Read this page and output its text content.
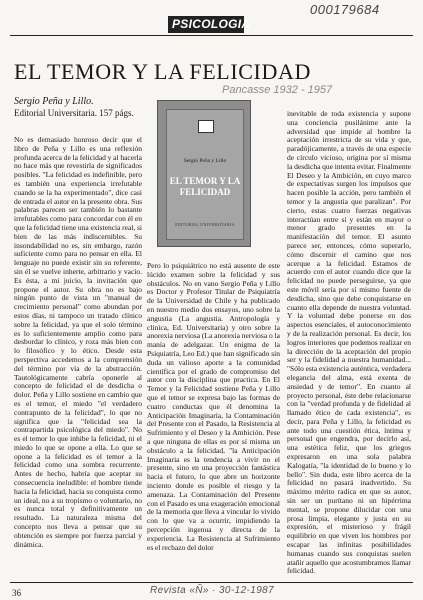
000179684
PSICOLOGIA
EL TEMOR Y LA FELICIDAD
Pancasse 1932 - 1957
Sergio Peña y Lillo.
Editorial Universitaria. 157 págs.
Sergio Peña y Lillo
EL TEMOR Y LA FELICIDAD
EDITORIAL UNIVERSITARIA

No es demasiado honroso decir que el libro de Peña y Lillo es una reflexión profunda acerca de la felicidad y al hacerla no hace más que revestirla de significados posibles. "La felicidad es indefinible, pero es también una experiencia irrefutable cuando se la ha experimentado", dice casi de entrada el autor en la presente obra. Sus palabras parecen ser también lo bastante irrefutables como para concordar con él en que la felicidad tiene una existencia real, si bien de las más indiscernibles. Su insondabilidad no es, sin embargo, razón suficiente como para no pensar en ella. El lenguaje no puede existir sin su referente, sin él se vuelve inherte, arbitrario y vacío. Es ésta, a mi juicio, la invitación que propone el autor. Su obra no es bajo ningún punto de vista un "manual de crecimiento personal" como abundan por estos días, ni tampoco un tratado clínico sobre la felicidad, ya que el solo término es lo suficientemente amplio como para desbordar lo clínico, y roza más bien con lo filosófico y lo ético. Desde esta perspectiva accedemos a la comprensión del término por vía de la abstracción. Tautológicamente cabría oponerle al concepto de felicidad el de desdicha o dolor. Peña y Lillo sostiene en cambio que es el temor, el miedo "el verdadero contrapunto de la felicidad", lo que no significa que la "felicidad sea la contrapartida psicológica del miedo". No es el temor lo que inhibe la felicidad, ni el miedo lo que se opone a ella. Lo que se opone a la felicidad es el temor a la felicidad como una sombra recurrente. Antes de hecho, habría que aceptar su consecuencia ineludible: el hombre tiende hacia la felicidad, hacia su conquista como un ideal, no a su tropismo o voluntario, no es nunca total y definitivamente un resultado. La naturaleza misma del concepto nos lleva a pensar que su obtención es siempre por fuerza parcial y dinámica.

Pero lo psiquiátrico no está ausente de este lúcido examen sobre la felicidad y sus obstáculos. No en vano Sergio Peña y Lillo es Doctor y Profesor Titular de Psiquiatría de la Universidad de Chile y ha publicado en nuestro medio dos ensayos, uno sobre la angustia (La angustia. Antropología y clínica, Ed. Universitaria) y otro sobre la anorexia nerviosa (La anorexia nerviosa o la manía de adelgazar. Un enigma de la Psiquiatría, Leo Ed.) que han significado sin duda un valioso aporte a la comunidad científica por el grado de compromiso del autor con la disciplina que practica. En El Temor y la Felicidad sostiene Peña y Lillo que el temor se expresa bajo las formas de cuatro conductas que él denomina la Anticipación Imaginaria, la Contaminación del Presente con el Pasado, la Resistencia al Sufrimiento y el Deseo y la Ambición. Pese a que ninguna de ellas es por sí misma un obstáculo a la felicidad, "la Anticipación Imaginaria es la tendencia a vivir no el presente, sino en una proyección fantástica hacia el futuro, lo que abre un horizonte inciento donde es posible el riesgo y la amenaza. La Contaminación del Presente con el Pasado es una exageración emocional de la memoria que lleva a vincular lo vivido con lo que va a ocurrir, impidiendo la percepción ingenua y directa de la experiencia. La Resistencia al Sufrimiento es el rechazo del dolor

inevitable de toda existencia y supone una conciencia pusilánime ante la adversidad que impide al hombre la aceptación irrestricta de su vida y que, paradójicamente, a través de una especie de círculo vicioso, origina por sí misma la desdicha que intenta evitar. Finalmente El Deseo y la Ambición, en cuyo marco de expectativas surgen los impulsos que hacen posible la acción, pero también el temor y la angustia que paralizan". Por cierto, estas cuatro fuerzas negativas interactúan entre sí y están en mayor o menor grado presentes en la manifestación del temor. El asunto parece ser, entonces, cómo superarlo, cómo discernir el camino que nos acerque a la felicidad. Estamos de acuerdo con el autor cuando dice que la felicidad no puede perseguirse, ya que este móvil sería por sí mismo fuente de desdicha, sino que debe conquistarse en cuanto ella depende de nuestra voluntad. Y la voluntad debe ponerse en dos aspectos esenciales, el autoconocimiento y de la realización personal. Es decir, los logros interiores que podemos realizar en la dirección de la aceptación del propio ser y la fidelidad a nuestra humanidad... "Sólo esta existencia auténtica, verdadera elegancia del alma, está exenta de ansiedad y de temor". En cuanto al proyecto personal, éste debe relacionarse con la "verdad profunda y de fidelidad al llamado ético de cada existencia", es decir, para Peña y Lillo, la felicidad es ante todo una cuestión ética, íntima y personal que engendra, por decirlo así, una estética feliz, que los griegos expresaron en una sola palabra Kalogatía, "la identidad de lo bueno y lo bello". Sin duda, este libro acerca de la felicidad no pasará inadvertido. Su máximo mérito radica en que su autor, sin ser un purítano ni un hipérrima mental, se propone dilucidar con una prosa limpia, elegante y justa en su expresión, el misterioso y frágil equilibrio en que viven los hombres por escapar las infinitas posibilidades humanas cuando sus conquistas suelen atañir aquello que acostumbramos llamar felicidad.

36	Revista «Ñ» · 30-12-1987
